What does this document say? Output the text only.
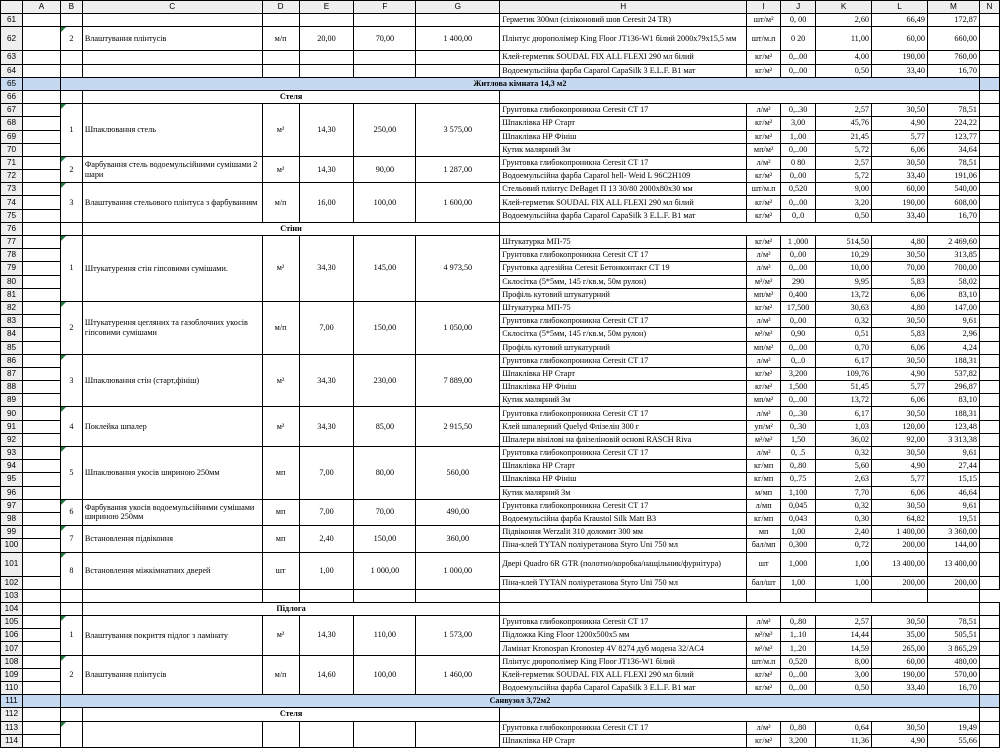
	A	B	C	D	E	F	G	H	I	J	K	L	M	N
61								Герметик 300мл (сіліконовий шов Ceresit 24 TR)	шт/м²	0, 00	2,60	66,49	172,87	
62		2	Влаштування плінтусів	м/п	20,00	70,00	1 400,00	Плінтус дюрополімер King Floor JT136-W1 білий 2000х79х15,5 мм	шт/м.п	0 20	11,00	60,00	660,00	
63								Клей-герметик SOUDAL FIX ALL FLEXI 290 мл білий	кг/м²	0,..00	4,00	190,00	760,00	
64								Водоемульсійна фарба Caparol CapaSilk 3 E.L.F. B1 мат	кг/м²	0,..00	0,50	33,40	16,70	
65		Житлова кімната 14,3 м2												
66			Стеля											
67		1	Шпаклювання стель	м²	14,30	250,00	3 575,00	Грунтовка глибокопроникна Ceresit CT 17	л/м²	0,..30	2,57	30,50	78,51	
68								Шпаклівка НР Старт	кг/м²	3,00	45,76	4,90	224,22	
69								Шпаклівка НР Фініш	кг/м²	1,.00	21,45	5,77	123,77	
70								Кутик малярний 3м	мп/м²	0,..00	5,72	6,06	34,64	
71		2	Фарбування стель водоемульсійними сумішами 2 шари	м²	14,30	90,00	1 287,00	Грунтовка глибокопроникна Ceresit CT 17	л/м²	0 80	2,57	30,50	78,51	
72								Водоемульсійна фарба Caparol hell- Weid L 96C2H109	кг/м²	0,.00	5,72	33,40	191,06	
73		3	Влаштування стельового плінтуса з фарбуванням	м/п	16,00	100,00	1 600,00	Стельовий плінтус DeBaget П 13 30/80 2000х80х30 мм	шт/м.п	0,520	9,00	60,00	540,00	
74								Клей-герметик SOUDAL FIX ALL FLEXI 290 мл білий	кг/м²	0,..00	3,20	190,00	608,00	
75								Водоемульсійна фарба Caparol CapaSilk 3 E.L.F. B1 мат	кг/м²	0,.0	0,50	33,40	16,70	
76			Стіни											
77		1	Штукатурення стін гіпсовими сумішами.	м²	34,30	145,00	4 973,50	Штукатурка МП-75	кг/м²	1 ,000	514,50	4,80	2 469,60	
78								Грунтовка глибокопроникна Ceresit CT 17	л/м²	0,.00	10,29	30,50	313,85	
79								Грунтовка адгезійна Ceresit Бетонконтакт CT 19	л/м²	0,..00	10,00	70,00	700,00	
80								Склосітка (5*5мм, 145 г/кв.м, 50м рулон)	м²/м²	290	9,95	5,83	58,02	
81								Профіль кутовий штукатурний	мп/м²	0,400	13,72	6,06	83,10	
82		2	Штукатурення цегляних та газоблочних укосів гіпсовими сумішами	м/п	7,00	150,00	1 050,00	Штукатурка МП-75	кг/м²	17,500	30,63	4,80	147,00	
83								Грунтовка глибокопроникна Ceresit CT 17	л/м²	0,.00	0,32	30,50	9,61	
84								Склосітка (5*5мм, 145 г/кв.м, 50м рулон)	м²/м²	0,90	0,51	5,83	2,96	
85								Профіль кутовий штукатурний	мп/м²	0,..00	0,70	6,06	4,24	
86		3	Шпаклювання стін (старт,фініш)	м²	34,30	230,00	7 889,00	Грунтовка глибокопроникна Ceresit CT 17	л/м²	0,..0	6,17	30,50	188,31	
87								Шпаклівка НР Старт	кг/м²	3,200	109,76	4,90	537,82	
88								Шпаклівка НР Фініш	кг/м²	1,500	51,45	5,77	296,87	
89								Кутик малярний 3м	мп/м²	0,..00	13,72	6,06	83,10	
90		4	Поклейка шпалер	м²	34,30	85,00	2 915,50	Грунтовка глибокопроникна Ceresit CT 17	л/м²	0,..30	6,17	30,50	188,31	
91								Клей шпалерний Quelyd Флізелін 300 г	уп/м²	0,.30	1,03	120,00	123,48	
92								Шпалери вінілові на флізеліновій основі RASCH Riva	м²/м²	1,50	36,02	92,00	3 313,38	
93		5	Шпаклювання укосів шириною 250мм	мп	7,00	80,00	560,00	Грунтовка глибокопроникна Ceresit CT 17	л/м²	0, .5	0,32	30,50	9,61	
94								Шпаклівка НР Старт	кг/мп	0,.80	5,60	4,90	27,44	
95								Шпаклівка НР Фініш	кг/мп	0,.75	2,63	5,77	15,15	
96								Кутик малярний 3м	м/мп	1,100	7,70	6,06	46,64	
97		6	Фарбування укосів водоемульсійними сумішами шириною 250мм	мп	7,00	70,00	490,00	Грунтовка глибокопроникна Ceresit CT 17	л/мп	0,045	0,32	30,50	9,61	
98								Водоемульсійна фарба Kraustol Silk Matt B3	кг/мп	0,043	0,30	64,82	19,51	
99		7	Встановлення підвіконня	мп	2,40	150,00	360,00	Підвіконня Werzalit 310 доломит 300 мм	мп	1,00	2,40	1 400,00	3 360,00	
100								Піна-клей TYTAN поліуретанова Styro Uni 750 мл	бал/мп	0,300	0,72	200,00	144,00	
101		8	Встановлення міжкімнатних дверей	шт	1,00	1 000,00	1 000,00	Двері Quadro 6R GTR (полотно/коробка/нащільник/фурнітура)	шт	1,000	1,00	13 400,00	13 400,00	
102								Піна-клей TYTAN поліуретанова Styro Uni 750 мл	бал/шт	1,00	1,00	200,00	200,00	
103														
104			Підлога											
105		1	Влаштування покриття підлог з ламінату	м²	14,30	110,00	1 573,00	Грунтовка глибокопроникна Ceresit CT 17	л/м²	0,.80	2,57	30,50	78,51	
106								Підложка King Floor 1200х500х5 мм	м²/м²	1,.10	14,44	35,00	505,51	
107								Ламінат Kronospan Kronostep 4V 8274 дуб модена 32/AC4	м²/м²	1,.20	14,59	265,00	3 865,29	
108		2	Влаштування плінтусів	м/п	14,60	100,00	1 460,00	Плінтус дюрополімер King Floor JT136-W1 білий	шт/м.п	0,520	8,00	60,00	480,00	
109								Клей-герметик SOUDAL FIX ALL FLEXI 290 мл білий	кг/м²	0,..00	3,00	190,00	570,00	
110								Водоемульсійна фарба Caparol CapaSilk 3 E.L.F. B1 мат	кг/м²	0,..00	0,50	33,40	16,70	
111		Санвузол 3,72м2												
112			Стеля											
113								Грунтовка глибокопроникна Ceresit CT 17	л/м²	0,.80	0,64	30,50	19,49	
114								Шпаклівка НР Старт	кг/м²	3,200	11,36	4,90	55,66	
